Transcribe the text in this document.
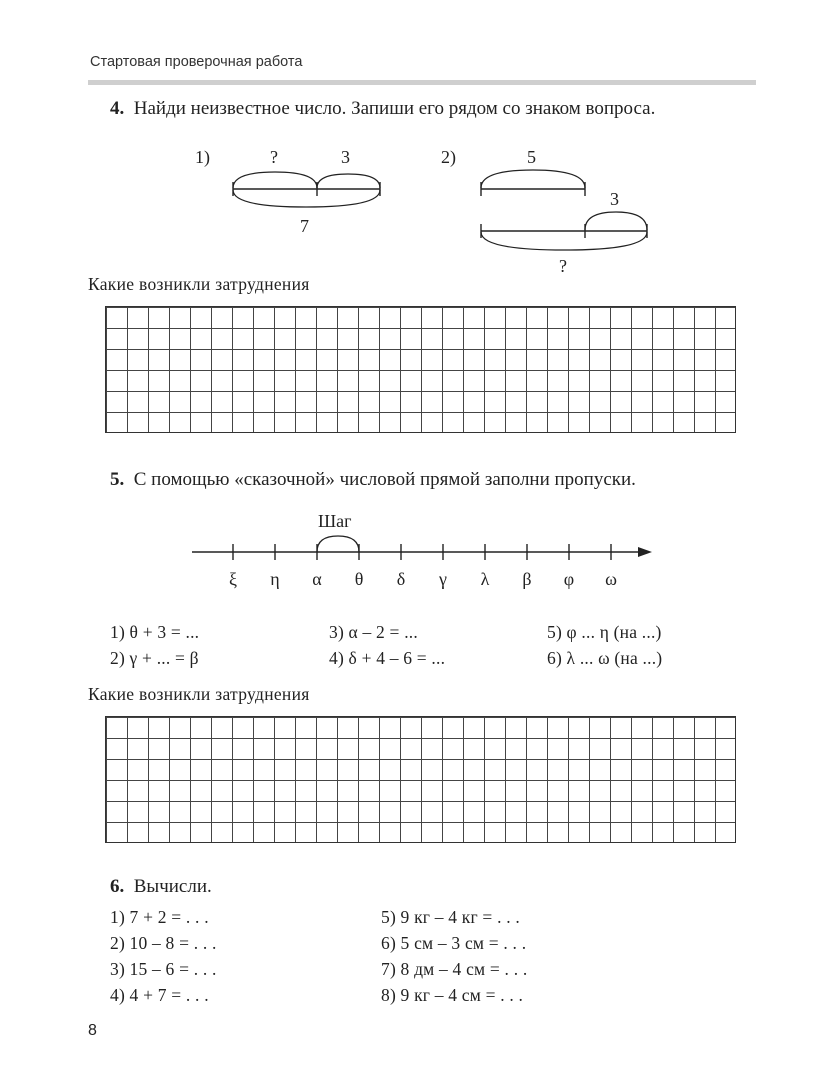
Стартовая проверочная работа
4. Найди неизвестное число. Запиши его рядом со знаком вопроса.
1)	?	3
7
2)	5
3
?
Какие возникли затруднения
5. С помощью «сказочной» числовой прямой заполни пропуски.
Шаг
ξ η α θ δ γ λ β φ ω
1) θ + 3 = ...	3) α – 2 = ...	5) φ ... η (на ...)
2) γ + ... = β	4) δ + 4 – 6 = ...	6) λ ... ω (на ...)
Какие возникли затруднения
6. Вычисли.
1) 7 + 2 = . . .
2) 10 – 8 = . . .
3) 15 – 6 = . . .
4) 4 + 7 = . . .
5) 9 кг – 4 кг = . . .
6) 5 см – 3 см = . . .
7) 8 дм – 4 см = . . .
8) 9 кг – 4 см = . . .
8
